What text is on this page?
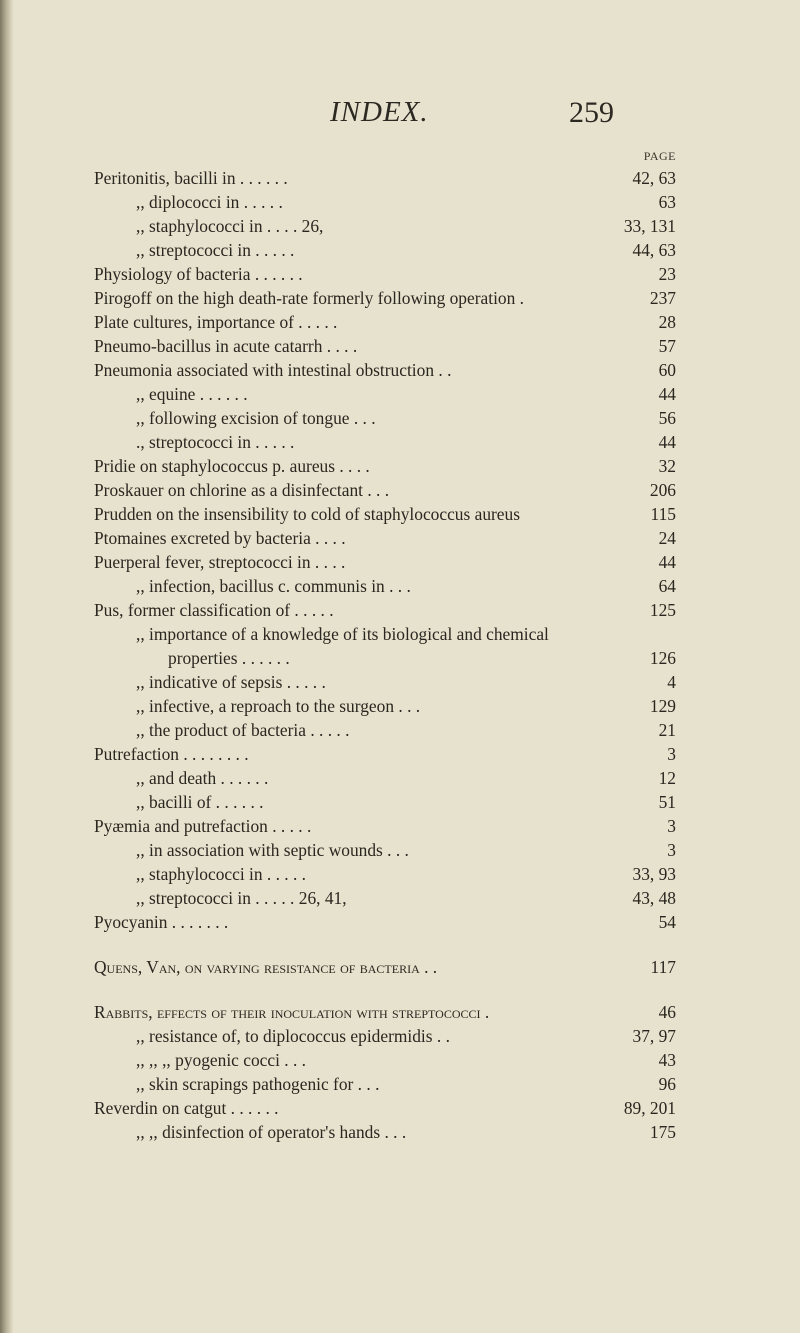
INDEX.	259
PAGE
Peritonitis, bacilli in . . . . . .	42, 63
,, diplococci in . . . . .	63
,, staphylococci in . . . . 26,	33, 131
,, streptococci in . . . . .	44, 63
Physiology of bacteria . . . . . .	23
Pirogoff on the high death-rate formerly following operation .	237
Plate cultures, importance of . . . . .	28
Pneumo-bacillus in acute catarrh . . . .	57
Pneumonia associated with intestinal obstruction . .	60
,, equine . . . . . .	44
,, following excision of tongue . . .	56
., streptococci in . . . . .	44
Pridie on staphylococcus p. aureus . . . .	32
Proskauer on chlorine as a disinfectant . . .	206
Prudden on the insensibility to cold of staphylococcus aureus	115
Ptomaines excreted by bacteria . . . .	24
Puerperal fever, streptococci in . . . .	44
,, infection, bacillus c. communis in . . .	64
Pus, former classification of . . . . .	125
,, importance of a knowledge of its biological and chemical
properties . . . . . .	126
,, indicative of sepsis . . . . .	4
,, infective, a reproach to the surgeon . . .	129
,, the product of bacteria . . . . .	21
Putrefaction . . . . . . . .	3
,, and death . . . . . .	12
,, bacilli of . . . . . .	51
Pyæmia and putrefaction . . . . .	3
,, in association with septic wounds . . .	3
,, staphylococci in . . . . .	33, 93
,, streptococci in . . . . . 26, 41,	43, 48
Pyocyanin . . . . . . .	54
Quens, Van, on varying resistance of bacteria . .	117
Rabbits, effects of their inoculation with streptococci .	46
,, resistance of, to diplococcus epidermidis . .	37, 97
,, ,, ,, pyogenic cocci . . .	43
,, skin scrapings pathogenic for . . .	96
Reverdin on catgut . . . . . .	89, 201
,, ,, disinfection of operator's hands . . .	175
